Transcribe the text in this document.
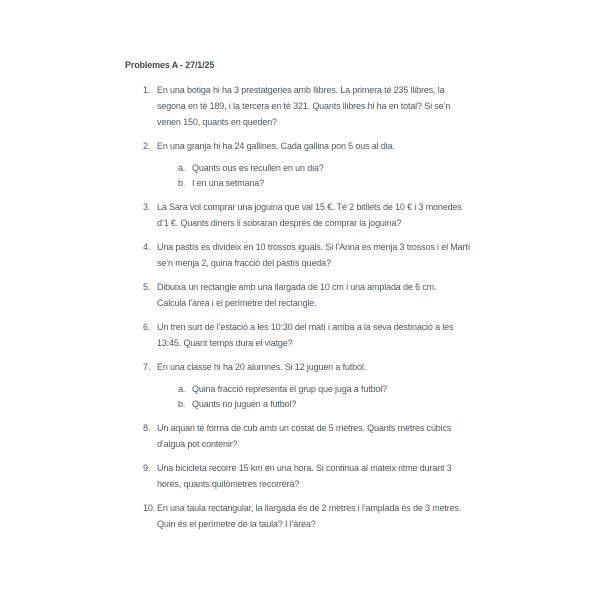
Problemes A - 27/1/25
1. En una botiga hi ha 3 prestatgeries amb llibres. La primera té 235 llibres, la
segona en té 189, i la tercera en té 321. Quants llibres hi ha en total? Si se’n
venen 150, quants en queden?
2. En una granja hi ha 24 gallines. Cada gallina pon 5 ous al dia.
a. Quants ous es recullen en un dia?
b. I en una setmana?
3. La Sara vol comprar una joguina que val 15 €. Té 2 bitllets de 10 € i 3 monedes
d’1 €. Quants diners li sobraran després de comprar la joguina?
4. Una pastís es divideix en 10 trossos iguals. Si l’Anna es menja 3 trossos i el Martí
se’n menja 2, quina fracció del pastís queda?
5. Dibuixa un rectangle amb una llargada de 10 cm i una amplada de 6 cm.
Calcula l’àrea i el perímetre del rectangle.
6. Un tren surt de l’estació a les 10:30 del matí i arriba a la seva destinació a les
13:45. Quant temps dura el viatge?
7. En una classe hi ha 20 alumnes. Si 12 juguen a futbol.
a. Quina fracció representa el grup que juga a futbol?
b. Quants no juguen a futbol?
8. Un aquari té forma de cub amb un costat de 5 metres. Quants metres cúbics
d’aigua pot contenir?
9. Una bicicleta recorre 15 km en una hora. Si continua al mateix ritme durant 3
hores, quants quilòmetres recorrerà?
10. En una taula rectangular, la llargada és de 2 metres i l’amplada és de 3 metres.
Quin és el perímetre de la taula? I l’àrea?
